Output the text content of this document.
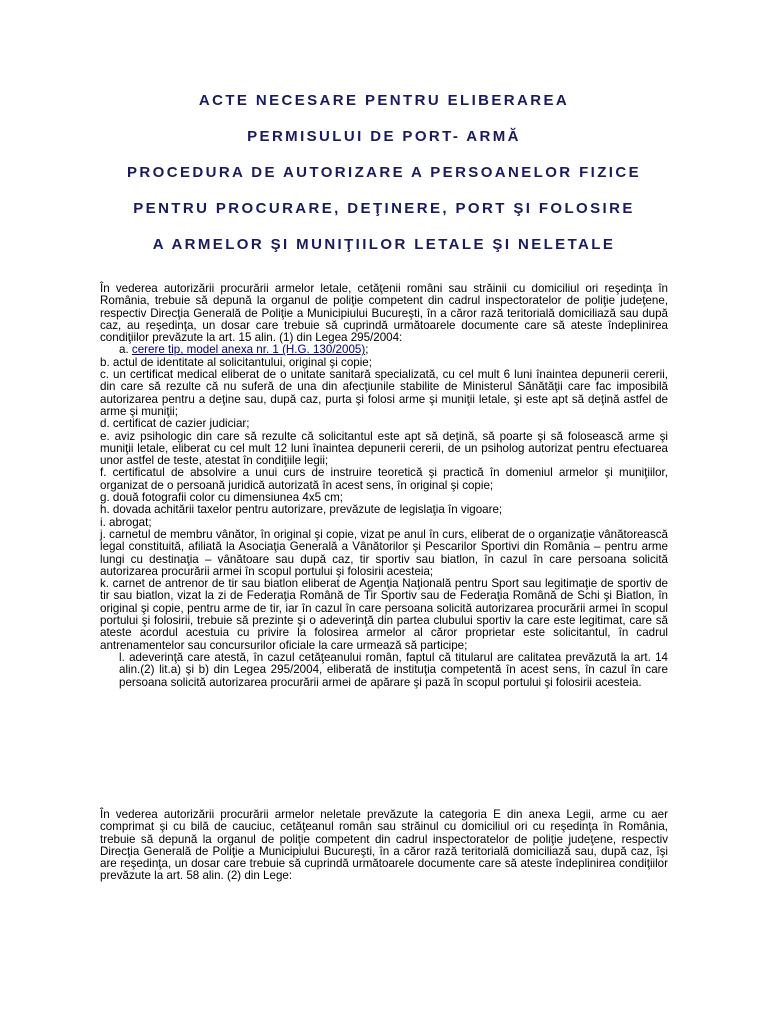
ACTE NECESARE PENTRU ELIBERAREA
PERMISULUI DE PORT- ARMĂ
PROCEDURA DE AUTORIZARE A PERSOANELOR FIZICE
PENTRU PROCURARE, DEŢINERE, PORT ŞI FOLOSIRE
A ARMELOR ŞI MUNIŢIILOR LETALE ŞI NELETALE

În vederea autorizării procurării armelor letale, cetăţenii români sau străinii cu domiciliul ori reşedinţa în România, trebuie să depună la organul de poliţie competent din cadrul inspectoratelor de poliţie judeţene, respectiv Direcţia Generală de Poliţie a Municipiului Bucureşti, în a căror rază teritorială domiciliază sau după caz, au reşedinţa, un dosar care trebuie să cuprindă următoarele documente care să ateste îndeplinirea condiţiilor prevăzute la art. 15 alin. (1) din Legea 295/2004:

a. cerere tip, model anexa nr. 1 (H.G. 130/2005);
b. actul de identitate al solicitantului, original şi copie;
c. un certificat medical eliberat de o unitate sanitară specializată, cu cel mult 6 luni înaintea depunerii cererii, din care să rezulte că nu suferă de una din afecţiunile stabilite de Ministerul Sănătăţii care fac imposibilă autorizarea pentru a deţine sau, după caz, purta şi folosi arme şi muniţii letale, şi este apt să deţină astfel de arme şi muniţii;
d. certificat de cazier judiciar;
e. aviz psihologic din care să rezulte că solicitantul este apt să deţină, să poarte şi să folosească arme şi muniţii letale, eliberat cu cel mult 12 luni înaintea depunerii cererii, de un psiholog autorizat pentru efectuarea unor astfel de teste, atestat în condiţiile legii;
f. certificatul de absolvire a unui curs de instruire teoretică şi practică în domeniul armelor şi muniţiilor, organizat de o persoană juridică autorizată în acest sens, în original şi copie;
g. două fotografii color cu dimensiunea 4x5 cm;
h. dovada achitării taxelor pentru autorizare, prevăzute de legislaţia în vigoare;
i. abrogat;
j. carnetul de membru vânător, în original şi copie, vizat pe anul în curs, eliberat de o organizaţie vânătorească legal constituită, afiliată la Asociaţia Generală a Vânătorilor şi Pescarilor Sportivi din România – pentru arme lungi cu destinaţia – vânătoare sau după caz, tir sportiv sau biatlon, în cazul în care persoana solicită autorizarea procurării armei în scopul portului şi folosirii acesteia;
k. carnet de antrenor de tir sau biatlon eliberat de Agenţia Naţională pentru Sport sau legitimaţie de sportiv de tir sau biatlon, vizat la zi de Federaţia Română de Tir Sportiv sau de Federaţia Română de Schi şi Biatlon, în original şi copie, pentru arme de tir, iar în cazul în care persoana solicită autorizarea procurării armei în scopul portului şi folosirii, trebuie să prezinte şi o adeverinţă din partea clubului sportiv la care este legitimat, care să ateste acordul acestuia cu privire la folosirea armelor al căror proprietar este solicitantul, în cadrul antrenamentelor sau concursurilor oficiale la care urmează să participe;
l. adeverinţă care atestă, în cazul cetăţeanului român, faptul că titularul are calitatea prevăzută la art. 14 alin.(2) lit.a) şi b) din Legea 295/2004, eliberată de instituţia competentă în acest sens, în cazul în care persoana solicită autorizarea procurării armei de apărare şi pază în scopul portului şi folosirii acesteia.

În vederea autorizării procurării armelor neletale prevăzute la categoria E din anexa Legii, arme cu aer comprimat şi cu bilă de cauciuc, cetăţeanul român sau străinul cu domiciliul ori cu reşedinţa în România, trebuie să depună la organul de poliţie competent din cadrul inspectoratelor de poliţie judeţene, respectiv Direcţia Generală de Poliţie a Municipiului Bucureşti, în a căror rază teritorială domiciliază sau, după caz, îşi are reşedinţa, un dosar care trebuie să cuprindă următoarele documente care să ateste îndeplinirea condiţiilor prevăzute la art. 58 alin. (2) din Lege:
